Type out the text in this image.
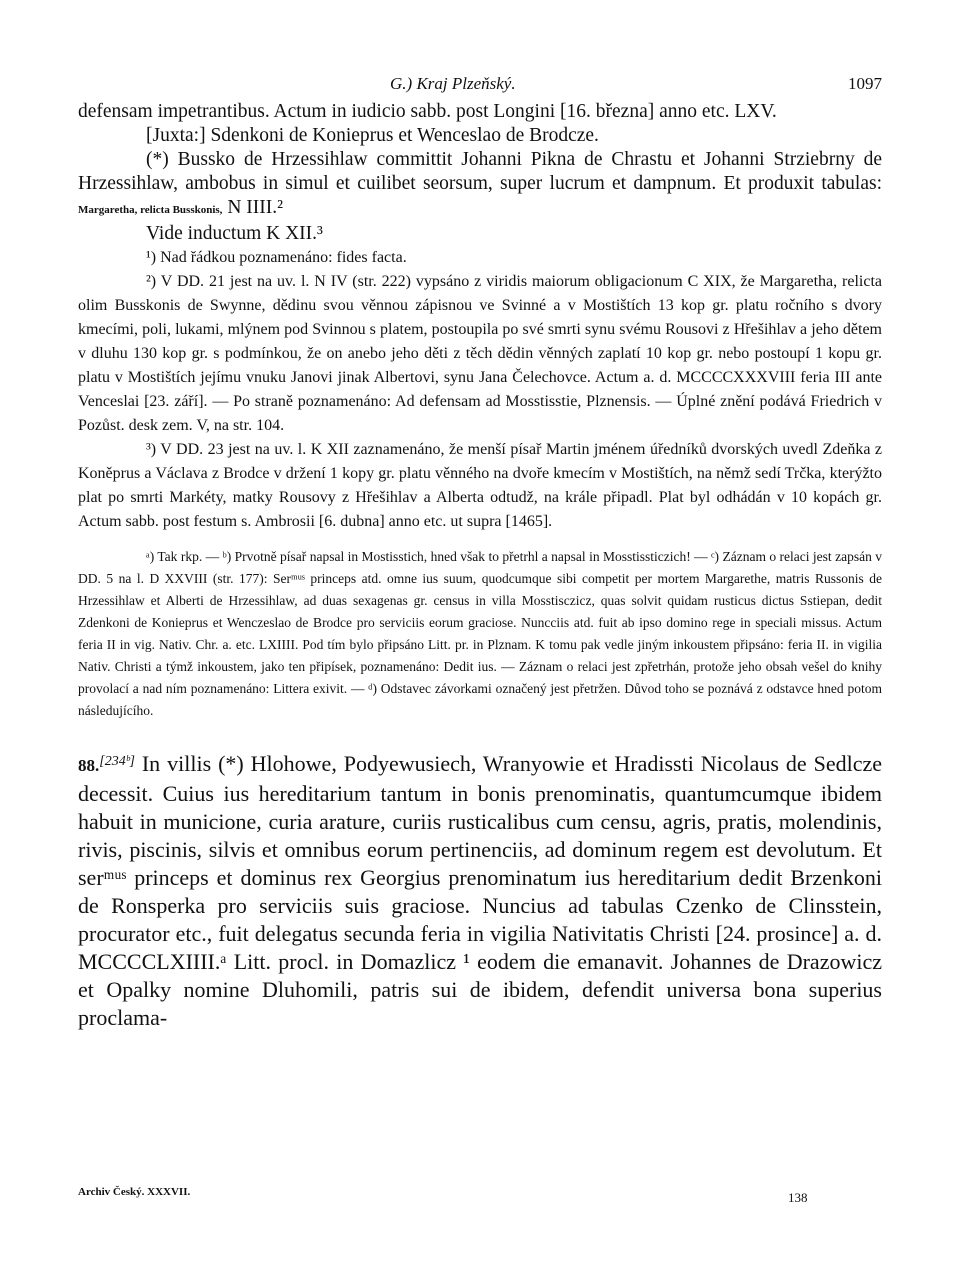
G.) Kraj Plzeňský.	1097

defensam impetrantibus. Actum in iudicio sabb. post Longini [16. března] anno etc. LXV.

[Juxta:] Sdenkoni de Konieprus et Wenceslao de Brodcze.

(*) Bussko de Hrzessihlaw committit Johanni Pikna de Chrastu et Johanni Strziebrny de Hrzessihlaw, ambobus in simul et cuilibet seorsum, super lucrum et dampnum. Et produxit tabulas: Margaretha, relicta Busskonis, N IIII.²

Vide inductum K XII.³

¹) Nad řádkou poznamenáno: fides facta.

²) V DD. 21 jest na uv. l. N IV (str. 222) vypsáno z viridis maiorum obligacionum C XIX, že Margaretha, relicta olim Busskonis de Swynne, dědinu svou věnnou zápisnou ve Svinné a v Mostištích 13 kop gr. platu ročního s dvory kmecími, poli, lukami, mlýnem pod Svinnou s platem, postoupila po své smrti synu svému Rousovi z Hřešihlav a jeho dětem v dluhu 130 kop gr. s podmínkou, že on anebo jeho děti z těch dědin věnných zaplatí 10 kop gr. nebo postoupí 1 kopu gr. platu v Mostištích jejímu vnuku Janovi jinak Albertovi, synu Jana Čelechovce. Actum a. d. MCCCCXXXVIII feria III ante Venceslai [23. září]. — Po straně poznamenáno: Ad defensam ad Mosstisstie, Plznensis. — Úplné znění podává Friedrich v Pozůst. desk zem. V, na str. 104.

³) V DD. 23 jest na uv. l. K XII zaznamenáno, že menší písař Martin jménem úředníků dvorských uvedl Zdeňka z Koněprus a Václava z Brodce v držení 1 kopy gr. platu věnného na dvoře kmecím v Mostištích, na němž sedí Trčka, kterýžto plat po smrti Markéty, matky Rousovy z Hřešihlav a Alberta odtudž, na krále připadl. Plat byl odhádán v 10 kopách gr. Actum sabb. post festum s. Ambrosii [6. dubna] anno etc. ut supra [1465].

ᵃ) Tak rkp. — ᵇ) Prvotně písař napsal in Mostisstich, hned však to přetrhl a napsal in Mosstissticzich! — ᶜ) Záznam o relaci jest zapsán v DD. 5 na l. D XXVIII (str. 177): Serᵐᵘˢ princeps atd. omne ius suum, quodcumque sibi competit per mortem Margarethe, matris Russonis de Hrzessihlaw et Alberti de Hrzessihlaw, ad duas sexagenas gr. census in villa Mosstisczicz, quas solvit quidam rusticus dictus Sstiepan, dedit Zdenkoni de Konieprus et Wenczeslao de Brodce pro serviciis eorum graciose. Nuncciis atd. fuit ab ipso domino rege in speciali missus. Actum feria II in vig. Nativ. Chr. a. etc. LXIIII. Pod tím bylo připsáno Litt. pr. in Plznam. K tomu pak vedle jiným inkoustem připsáno: feria II. in vigilia Nativ. Christi a týmž inkoustem, jako ten připísek, poznamenáno: Dedit ius. — Záznam o relaci jest zpřetrhán, protože jeho obsah vešel do knihy provolací a nad ním poznamenáno: Littera exivit. — ᵈ) Odstavec závorkami označený jest přetržen. Důvod toho se poznává z odstavce hned potom následujícího.

88.[234ᵇ] In villis (*) Hlohowe, Podyewusiech, Wranyowie et Hradissti Nicolaus de Sedlcze decessit. Cuius ius hereditarium tantum in bonis prenominatis, quantumcumque ibidem habuit in municione, curia arature, curiis rusticalibus cum censu, agris, pratis, molendinis, rivis, piscinis, silvis et omnibus eorum pertinenciis, ad dominum regem est devolutum. Et serᵐᵘˢ princeps et dominus rex Georgius prenominatum ius hereditarium dedit Brzenkoni de Ronsperka pro serviciis suis graciose. Nuncius ad tabulas Czenko de Clinsstein, procurator etc., fuit delegatus secunda feria in vigilia Nativitatis Christi [24. prosince] a. d. MCCCCLXIIII.ᵃ Litt. procl. in Domazlicz ¹ eodem die emanavit. Johannes de Drazowicz et Opalky nomine Dluhomili, patris sui de ibidem, defendit universa bona superius proclama-

Archiv Český. XXXVII.	138
